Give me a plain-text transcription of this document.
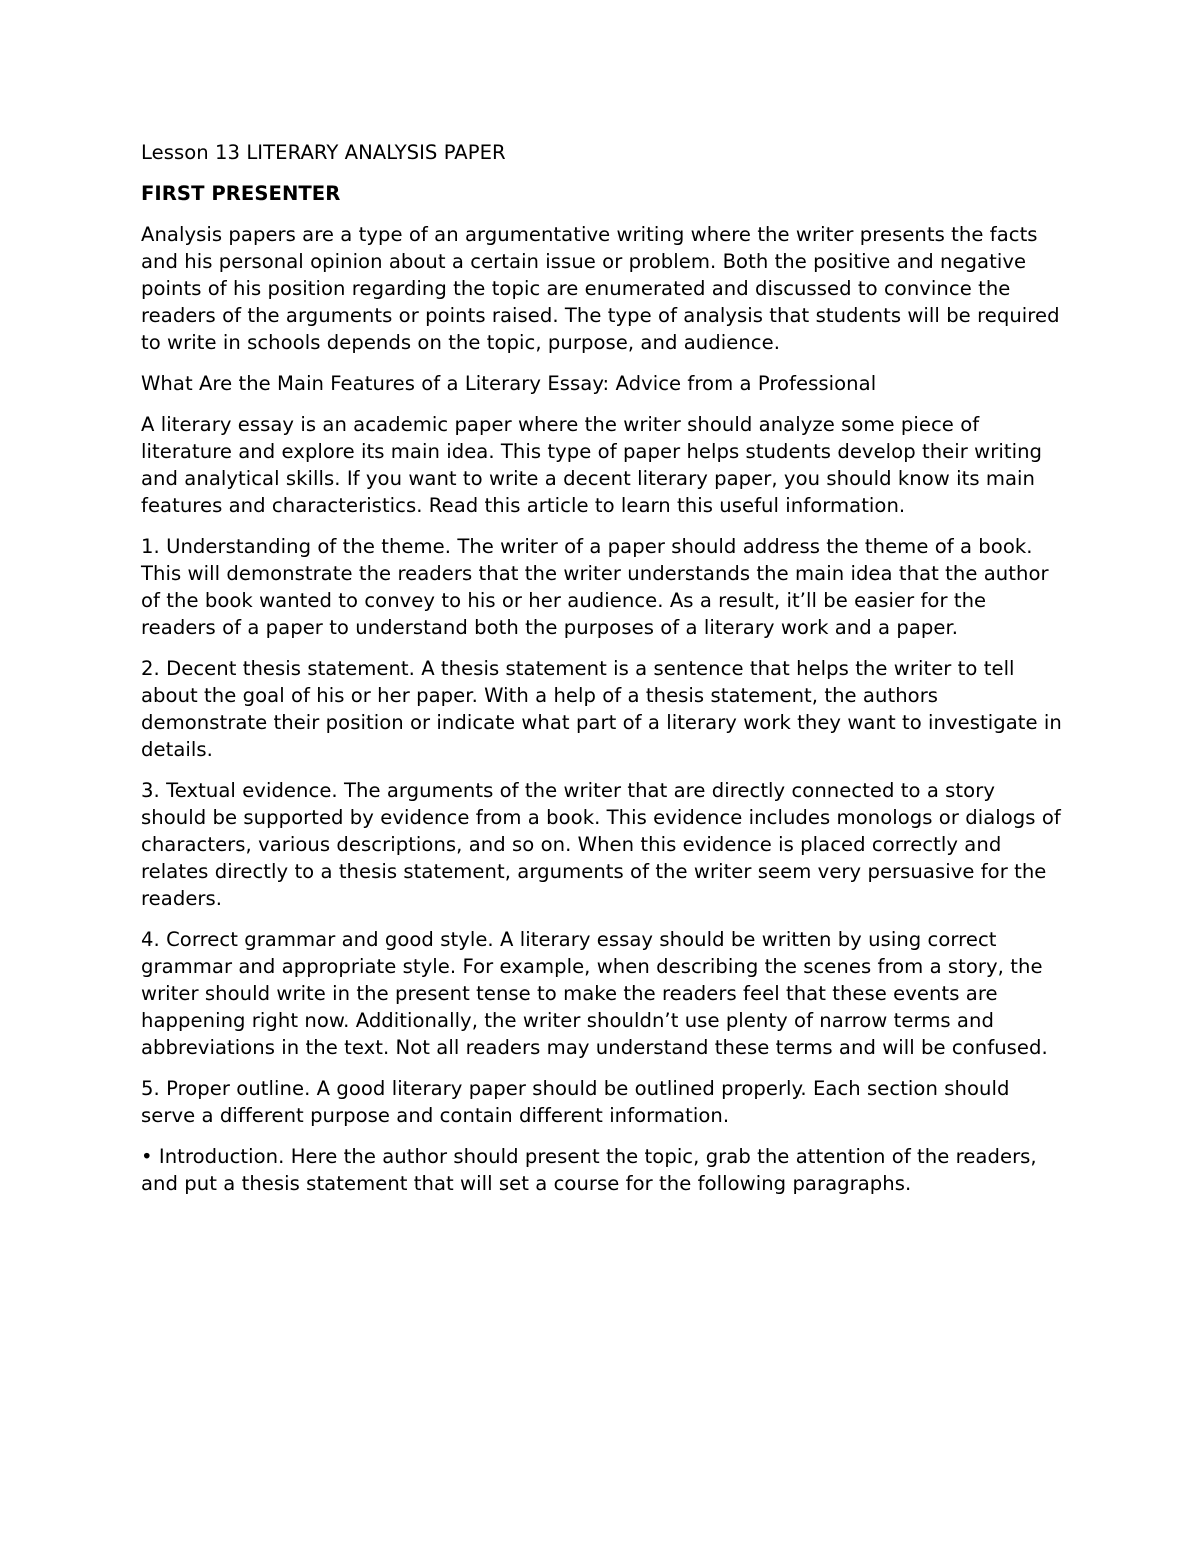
Lesson 13 LITERARY ANALYSIS PAPER

FIRST PRESENTER

Analysis papers are a type of an argumentative writing where the writer presents the facts and his personal opinion about a certain issue or problem. Both the positive and negative points of his position regarding the topic are enumerated and discussed to convince the readers of the arguments or points raised. The type of analysis that students will be required to write in schools depends on the topic, purpose, and audience.

What Are the Main Features of a Literary Essay: Advice from a Professional

A literary essay is an academic paper where the writer should analyze some piece of literature and explore its main idea. This type of paper helps students develop their writing and analytical skills. If you want to write a decent literary paper, you should know its main features and characteristics. Read this article to learn this useful information.

1. Understanding of the theme. The writer of a paper should address the theme of a book. This will demonstrate the readers that the writer understands the main idea that the author of the book wanted to convey to his or her audience. As a result, it’ll be easier for the readers of a paper to understand both the purposes of a literary work and a paper.

2. Decent thesis statement. A thesis statement is a sentence that helps the writer to tell about the goal of his or her paper. With a help of a thesis statement, the authors demonstrate their position or indicate what part of a literary work they want to investigate in details.

3. Textual evidence. The arguments of the writer that are directly connected to a story should be supported by evidence from a book. This evidence includes monologs or dialogs of characters, various descriptions, and so on. When this evidence is placed correctly and relates directly to a thesis statement, arguments of the writer seem very persuasive for the readers.

4. Correct grammar and good style. A literary essay should be written by using correct grammar and appropriate style. For example, when describing the scenes from a story, the writer should write in the present tense to make the readers feel that these events are happening right now. Additionally, the writer shouldn’t use plenty of narrow terms and abbreviations in the text. Not all readers may understand these terms and will be confused.

5. Proper outline. A good literary paper should be outlined properly. Each section should serve a different purpose and contain different information.

• Introduction. Here the author should present the topic, grab the attention of the readers, and put a thesis statement that will set a course for the following paragraphs.
